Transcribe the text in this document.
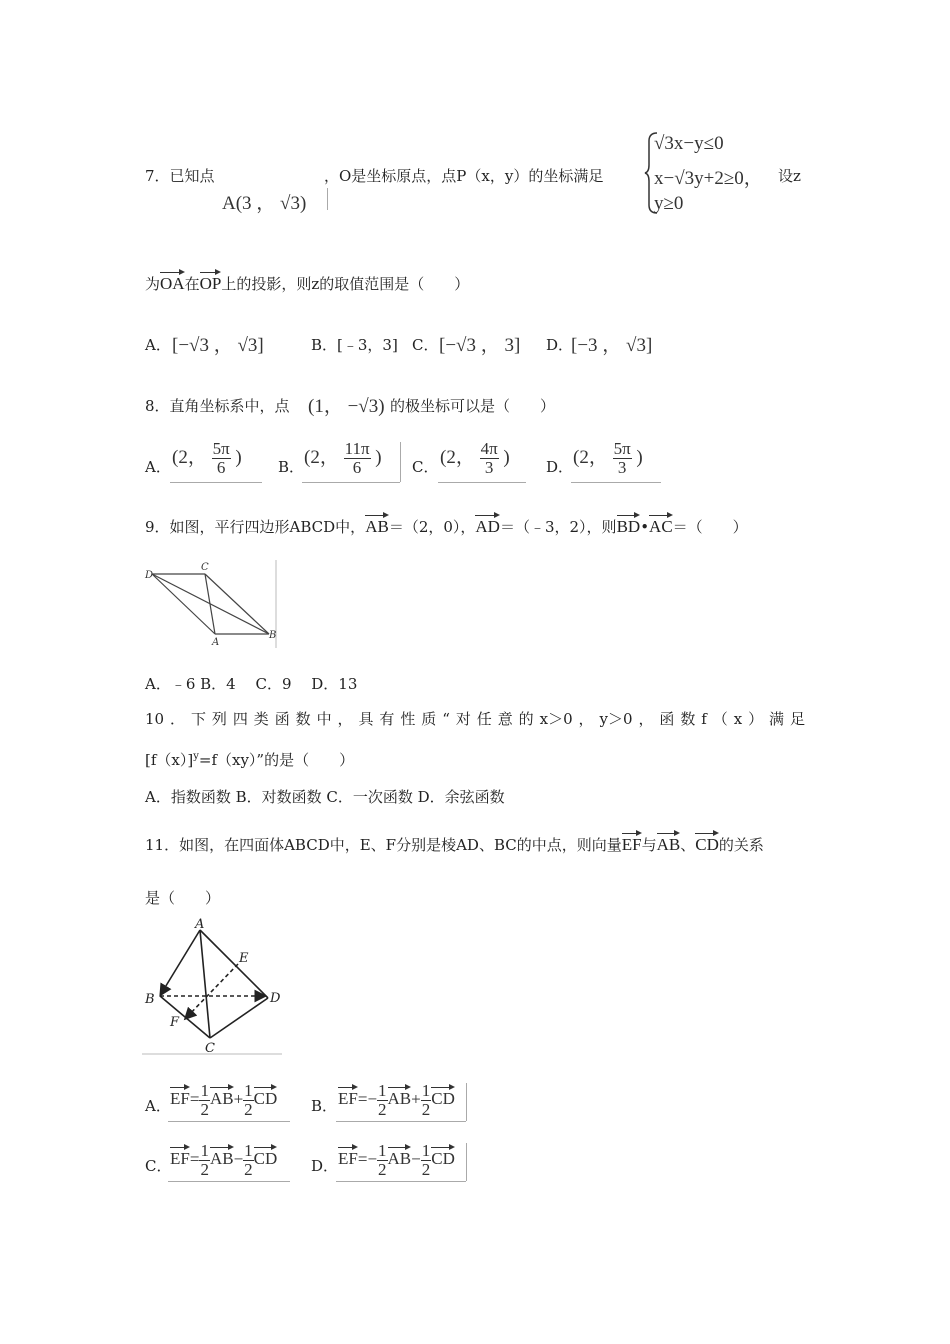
7．已知点
A(3 ， √3)
，O是坐标原点，点P（x，y）的坐标满足
√3x−y≤0
x−√3y+2≥0，
y≥0
设z
为OA在OP上的投影，则z的取值范围是（　　）
A． [−√3 ， √3]	B．[﹣3，3] C． [−√3 ， 3] D．
[−3 ， √3]
8．直角坐标系中，点 (1， −√3) 的极坐标可以是（　　）
A． (2， $\frac{5\pi}{6}$ ) B． (2， $\frac{11\pi}{6}$ ) C． (2， $\frac{4\pi}{3}$ ) D． (2， $\frac{5\pi}{3}$ )
9．如图，平行四边形ABCD中，AB＝（2，0），AD＝（﹣3，2），则BD•AC＝（　　）
D
C
A
B
A．﹣6 B．4　 C．9　 D．13
10．下列四类函数中，具有性质“对任意的x＞0，y＞0，函数f（x）满足
$[f(x)]^y=f(xy)$”的是（　　）
A．指数函数 B．对数函数 C．一次函数 D．余弦函数
11．如图，在四面体ABCD中，E、F分别是棱AD、BC的中点，则向量EF与AB、CD的关系
是（　　）
A
B
C
D
E
F
A． $EF= \frac{1}{2} AB+ \frac{1}{2}$ CD B． $EF=- \frac{1}{2} AB+ \frac{1}{2}$ CD
C．
$EF= \frac{1}{2} AB- \frac{1}{2}$ CD D． $EF=- \frac{1}{2} AB- \frac{1}{2}$ CD
